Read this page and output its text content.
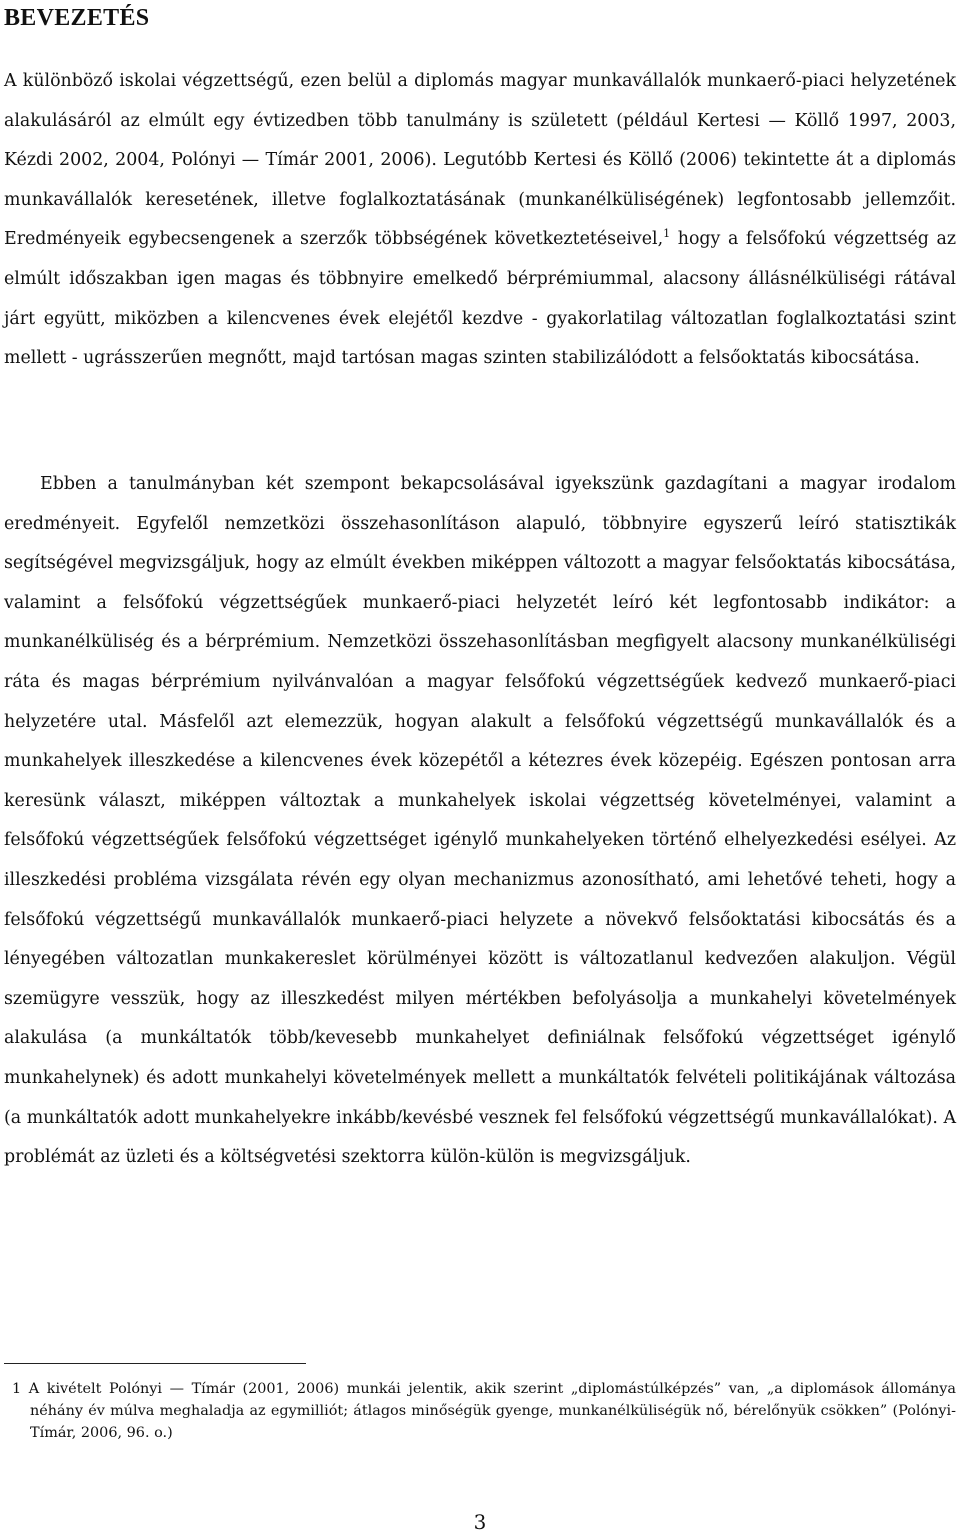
BEVEZETÉS

A különböző iskolai végzettségű, ezen belül a diplomás magyar munkavállalók munkaerő-piaci helyzetének alakulásáról az elmúlt egy évtizedben több tanulmány is született (például Kertesi — Köllő 1997, 2003, Kézdi 2002, 2004, Polónyi — Tímár 2001, 2006). Legutóbb Kertesi és Köllő (2006) tekintette át a diplomás munkavállalók keresetének, illetve foglalkoztatásának (munkanélküliségének) legfontosabb jellemzőit. Eredményeik egybecsengenek a szerzők többségének következtetéseivel,$^1$ hogy a felsőfokú végzettség az elmúlt időszakban igen magas és többnyire emelkedő bérprémiummal, alacsony állásnélküliségi rátával járt együtt, miközben a kilencvenes évek elejétől kezdve - gyakorlatilag változatlan foglalkoztatási szint mellett - ugrásszerűen megnőtt, majd tartósan magas szinten stabilizálódott a felsőoktatás kibocsátása.

Ebben a tanulmányban két szempont bekapcsolásával igyekszünk gazdagítani a magyar irodalom eredményeit. Egyfelől nemzetközi összehasonlításon alapuló, többnyire egyszerű leíró statisztikák segítségével megvizsgáljuk, hogy az elmúlt években miképpen változott a magyar felsőoktatás kibocsátása, valamint a felsőfokú végzettségűek munkaerő-piaci helyzetét leíró két legfontosabb indikátor: a munkanélküliség és a bérprémium. Nemzetközi összehasonlításban megfigyelt alacsony munkanélküliségi ráta és magas bérprémium nyilvánvalóan a magyar felsőfokú végzettségűek kedvező munkaerő-piaci helyzetére utal. Másfelől azt elemezzük, hogyan alakult a felsőfokú végzettségű munkavállalók és a munkahelyek illeszkedése a kilencvenes évek közepétől a kétezres évek közepéig. Egészen pontosan arra keresünk választ, miképpen változtak a munkahelyek iskolai végzettség követelményei, valamint a felsőfokú végzettségűek felsőfokú végzettséget igénylő munkahelyeken történő elhelyezkedési esélyei. Az illeszkedési probléma vizsgálata révén egy olyan mechanizmus azonosítható, ami lehetővé teheti, hogy a felsőfokú végzettségű munkavállalók munkaerő-piaci helyzete a növekvő felsőoktatási kibocsátás és a lényegében változatlan munkakereslet körülményei között is változatlanul kedvezően alakuljon. Végül szemügyre vesszük, hogy az illeszkedést milyen mértékben befolyásolja a munkahelyi követelmények alakulása (a munkáltatók több/kevesebb munkahelyet definiálnak felsőfokú végzettséget igénylő munkahelynek) és adott munkahelyi követelmények mellett a munkáltatók felvételi politikájának változása (a munkáltatók adott munkahelyekre inkább/kevésbé vesznek fel felsőfokú végzettségű munkavállalókat). A problémát az üzleti és a költségvetési szektorra külön-külön is megvizsgáljuk.

1 A kivételt Polónyi — Tímár (2001, 2006) munkái jelentik, akik szerint „diplomástúlképzés” van, „a diplomások állománya néhány év múlva meghaladja az egymilliót; átlagos minőségük gyenge, munkanélküliségük nő, bérelőnyük csökken” (Polónyi-Tímár, 2006, 96. o.)
3
